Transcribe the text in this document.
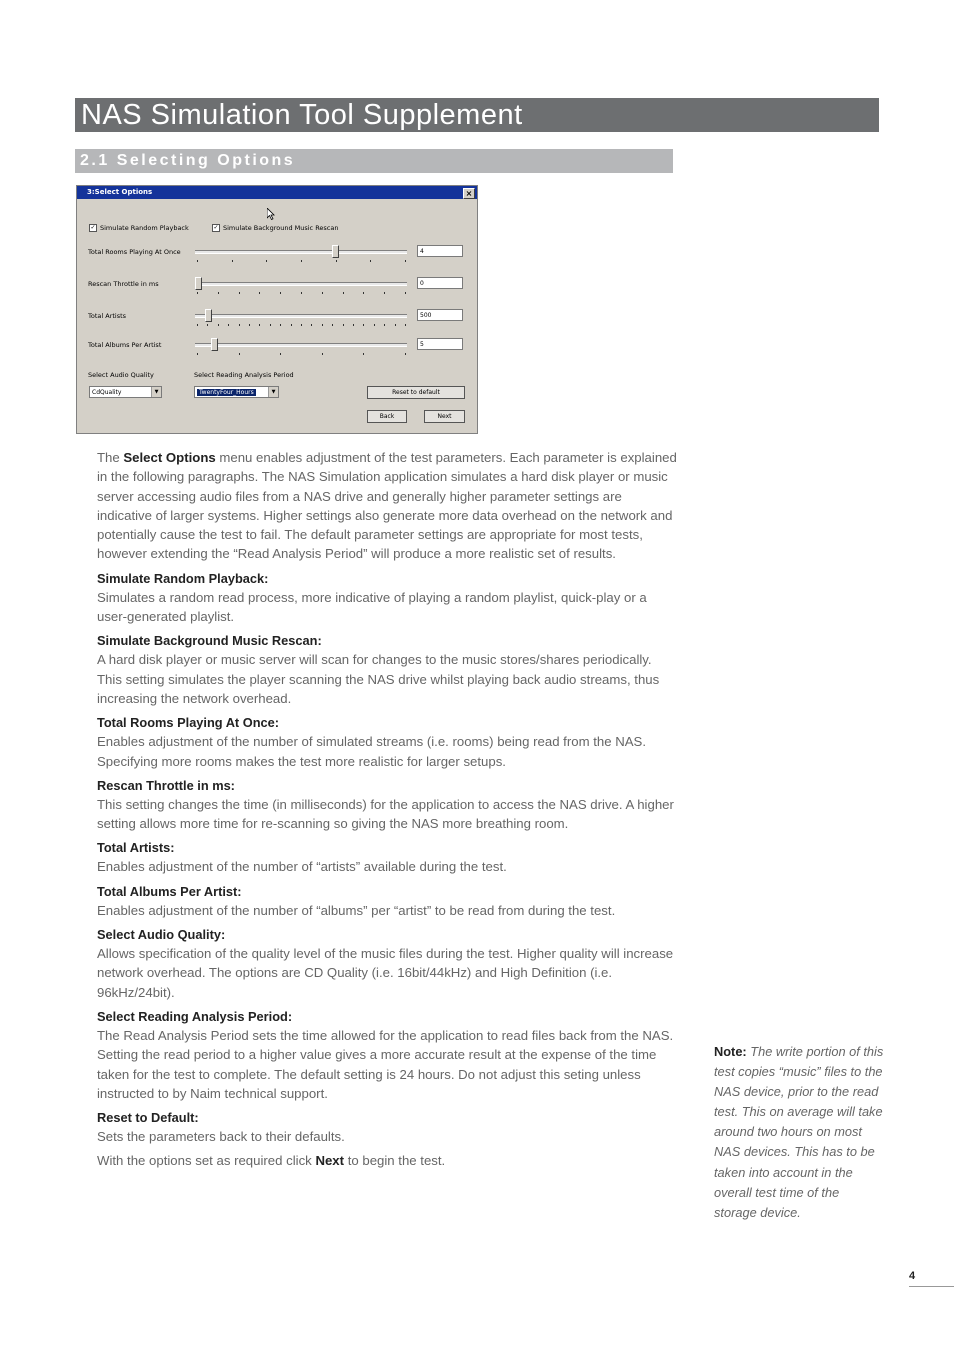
NAS Simulation Tool Supplement
2.1 Selecting Options
3:Select Options	×
✓ Simulate Random Playback	✓ Simulate Background Music Rescan
Total Rooms Playing At Once	4
Rescan Throttle in ms	0
Total Artists	500
Total Albums Per Artist	5
Select Audio Quality	Select Reading Analysis Period
CdQuality	▼	TwentyFour_Hours	▼	Reset to default
Back	Next

The Select Options menu enables adjustment of the test parameters. Each parameter is explained in the following paragraphs. The NAS Simulation application simulates a hard disk player or music server accessing audio files from a NAS drive and generally higher parameter settings are indicative of larger systems. Higher settings also generate more data overhead on the network and potentially cause the test to fail. The default parameter settings are appropriate for most tests, however extending the “Read Analysis Period” will produce a more realistic set of results.

Simulate Random Playback:

Simulates a random read process, more indicative of playing a random playlist, quick-play or a user-generated playlist.

Simulate Background Music Rescan:

A hard disk player or music server will scan for changes to the music stores/shares periodically. This setting simulates the player scanning the NAS drive whilst playing back audio streams, thus increasing the network overhead.

Total Rooms Playing At Once:

Enables adjustment of the number of simulated streams (i.e. rooms) being read from the NAS. Specifying more rooms makes the test more realistic for larger setups.

Rescan Throttle in ms:

This setting changes the time (in milliseconds) for the application to access the NAS drive. A higher setting allows more time for re-scanning so giving the NAS more breathing room.

Total Artists:

Enables adjustment of the number of “artists” available during the test.

Total Albums Per Artist:

Enables adjustment of the number of “albums” per “artist” to be read from during the test.

Select Audio Quality:

Allows specification of the quality level of the music files during the test. Higher quality will increase network overhead. The options are CD Quality (i.e. 16bit/44kHz) and High Definition (i.e. 96kHz/24bit).

Select Reading Analysis Period:

The Read Analysis Period sets the time allowed for the application to read files back from the NAS. Setting the read period to a higher value gives a more accurate result at the expense of the time taken for the test to complete. The default setting is 24 hours. Do not adjust this seting unless instructed to by Naim technical support.

Reset to Default:

Sets the parameters back to their defaults.

With the options set as required click Next to begin the test.

Note: The write portion of this test copies “music” files to the NAS device, prior to the read test. This on average will take around two hours on most NAS devices. This has to be taken into account in the overall test time of the storage device.
4
